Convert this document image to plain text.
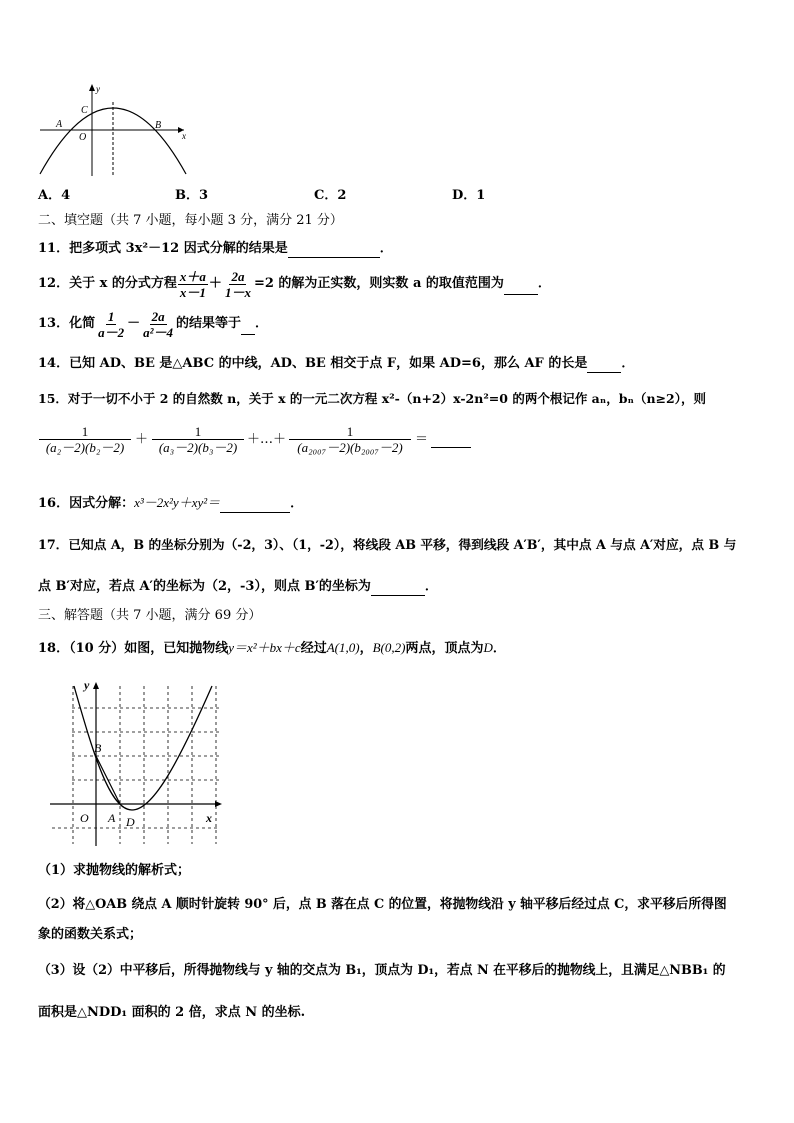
y
x
A
O
C
B
A．4	B．3	C．2	D．1
二、填空题（共 7 小题，每小题 3 分，满分 21 分）
11．把多项式 3x²－12 因式分解的结果是	．
12．关于 x 的分式方程 $\frac{x+a}{x-1} + \frac{2a}{1-x} =2$ 的解为正实数，则实数 a 的取值范围为	．
13．化简 $\frac{1}{a-2} - \frac{2a}{\text{a²－4}}$ 的结果等于 ．
14．已知 AD、BE 是△ABC 的中线，AD、BE 相交于点 F，如果 AD=6，那么 AF 的长是	．
15．对于一切不小于 2 的自然数 n，关于 x 的一元二次方程 x²-（n+2）x-2n²=0 的两个根记作 aₙ，bₙ（n≥2），则
$\frac{1}{\text{(a₂－2)(b₂－2)}} + \frac{1}{\text{(a₃－2)(b₃－2)}}$ ＋…＋ $\frac{1}{\text{(a₂₀₀₇－2)(b₂₀₀₇－2)}}$ ＝
16．因式分解：x³－2x²y＋xy²＝	．
17．已知点 A，B 的坐标分别为（-2，3）、（1，-2），将线段 AB 平移，得到线段 A′B′，其中点 A 与点 A′对应，点 B 与
点 B′对应，若点 A′的坐标为（2，-3），则点 B′的坐标为	．
三、解答题（共 7 小题，满分 69 分）
18．（10 分）如图，已知抛物线y＝x²＋bx＋c经过A(1,0)，B(0,2)两点，顶点为D．
y
x
O A D
B
（1）求抛物线的解析式；
（2）将△OAB 绕点 A 顺时针旋转 90° 后，点 B 落在点 C 的位置，将抛物线沿 y 轴平移后经过点 C，求平移后所得图
象的函数关系式；
（3）设（2）中平移后，所得抛物线与 y 轴的交点为 B₁，顶点为 D₁，若点 N 在平移后的抛物线上，且满足△NBB₁ 的
面积是△NDD₁ 面积的 2 倍，求点 N 的坐标.
